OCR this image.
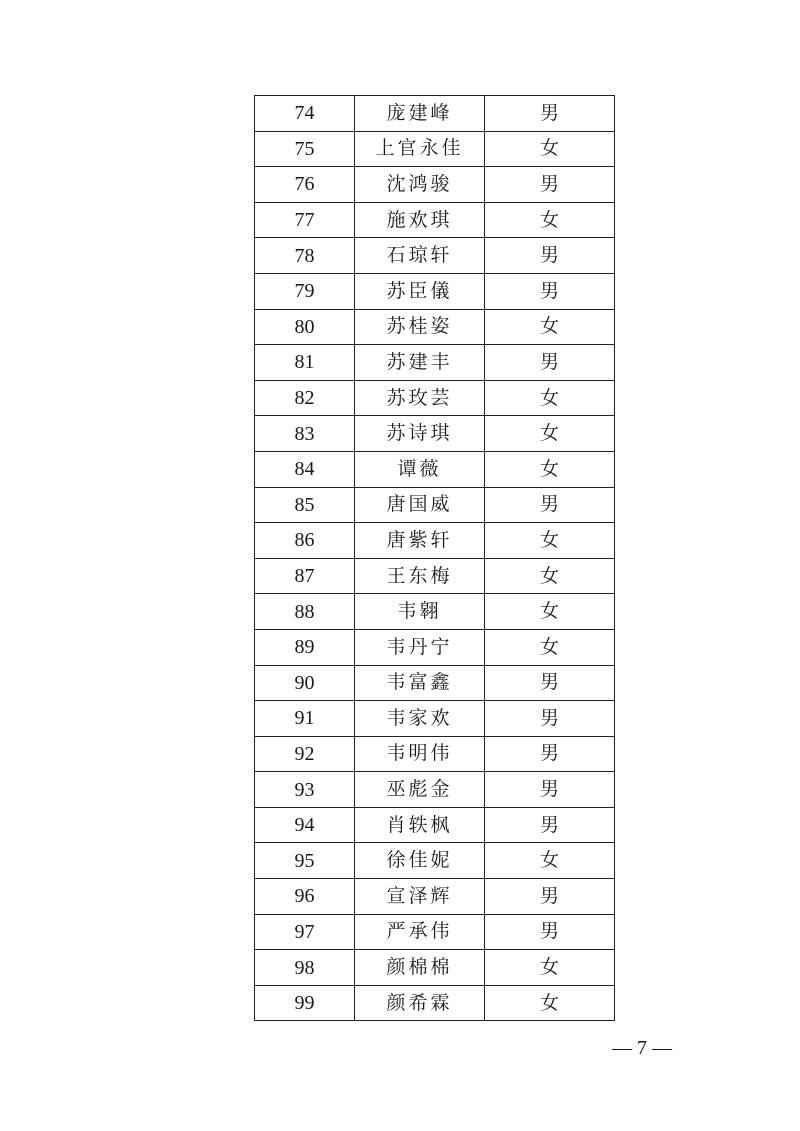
74	庞建峰	男
75	上官永佳	女
76	沈鸿骏	男
77	施欢琪	女
78	石琼轩	男
79	苏臣儀	男
80	苏桂姿	女
81	苏建丰	男
82	苏玫芸	女
83	苏诗琪	女
84	谭薇	女
85	唐国威	男
86	唐紫轩	女
87	王东梅	女
88	韦翱	女
89	韦丹宁	女
90	韦富鑫	男
91	韦家欢	男
92	韦明伟	男
93	巫彪金	男
94	肖轶枫	男
95	徐佳妮	女
96	宣泽辉	男
97	严承伟	男
98	颜棉棉	女
99	颜希霖	女
— 7 —
